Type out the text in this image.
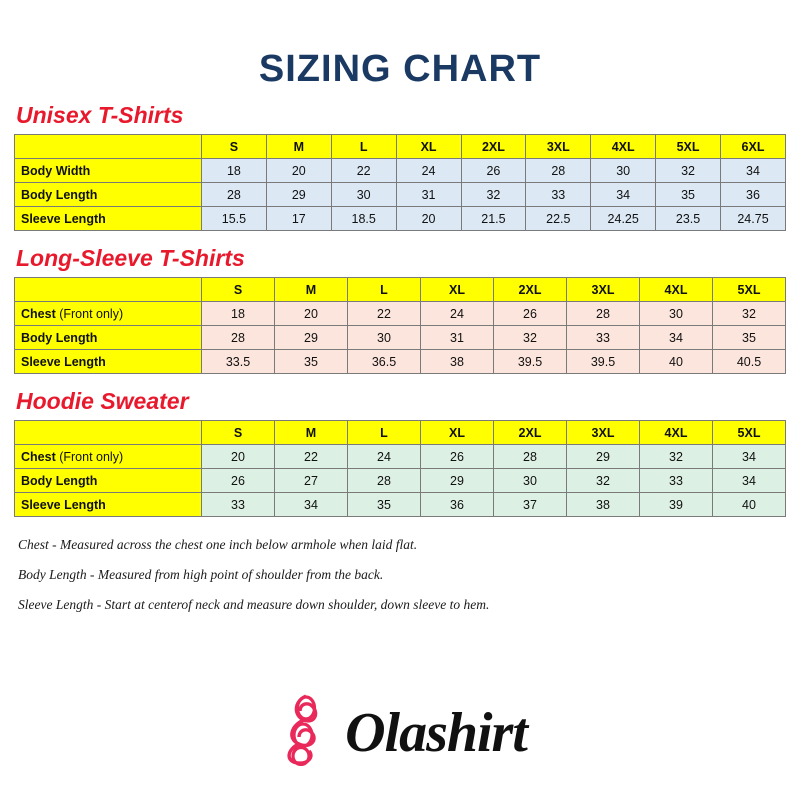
SIZING CHART
Unisex T-Shirts
	S	M	L	XL	2XL	3XL	4XL	5XL	6XL
Body Width	18	20	22	24	26	28	30	32	34
Body Length	28	29	30	31	32	33	34	35	36
Sleeve Length	15.5	17	18.5	20	21.5	22.5	24.25	23.5	24.75
Long-Sleeve T-Shirts
	S	M	L	XL	2XL	3XL	4XL	5XL
Chest (Front only)	18	20	22	24	26	28	30	32
Body Length	28	29	30	31	32	33	34	35
Sleeve Length	33.5	35	36.5	38	39.5	39.5	40	40.5
Hoodie Sweater
	S	M	L	XL	2XL	3XL	4XL	5XL
Chest (Front only)	20	22	24	26	28	29	32	34
Body Length	26	27	28	29	30	32	33	34
Sleeve Length	33	34	35	36	37	38	39	40

Chest - Measured across the chest one inch below armhole when laid flat.

Body Length - Measured from high point of shoulder from the back.

Sleeve Length - Start at centerof neck and measure down shoulder, down sleeve to hem.

Olashirt
